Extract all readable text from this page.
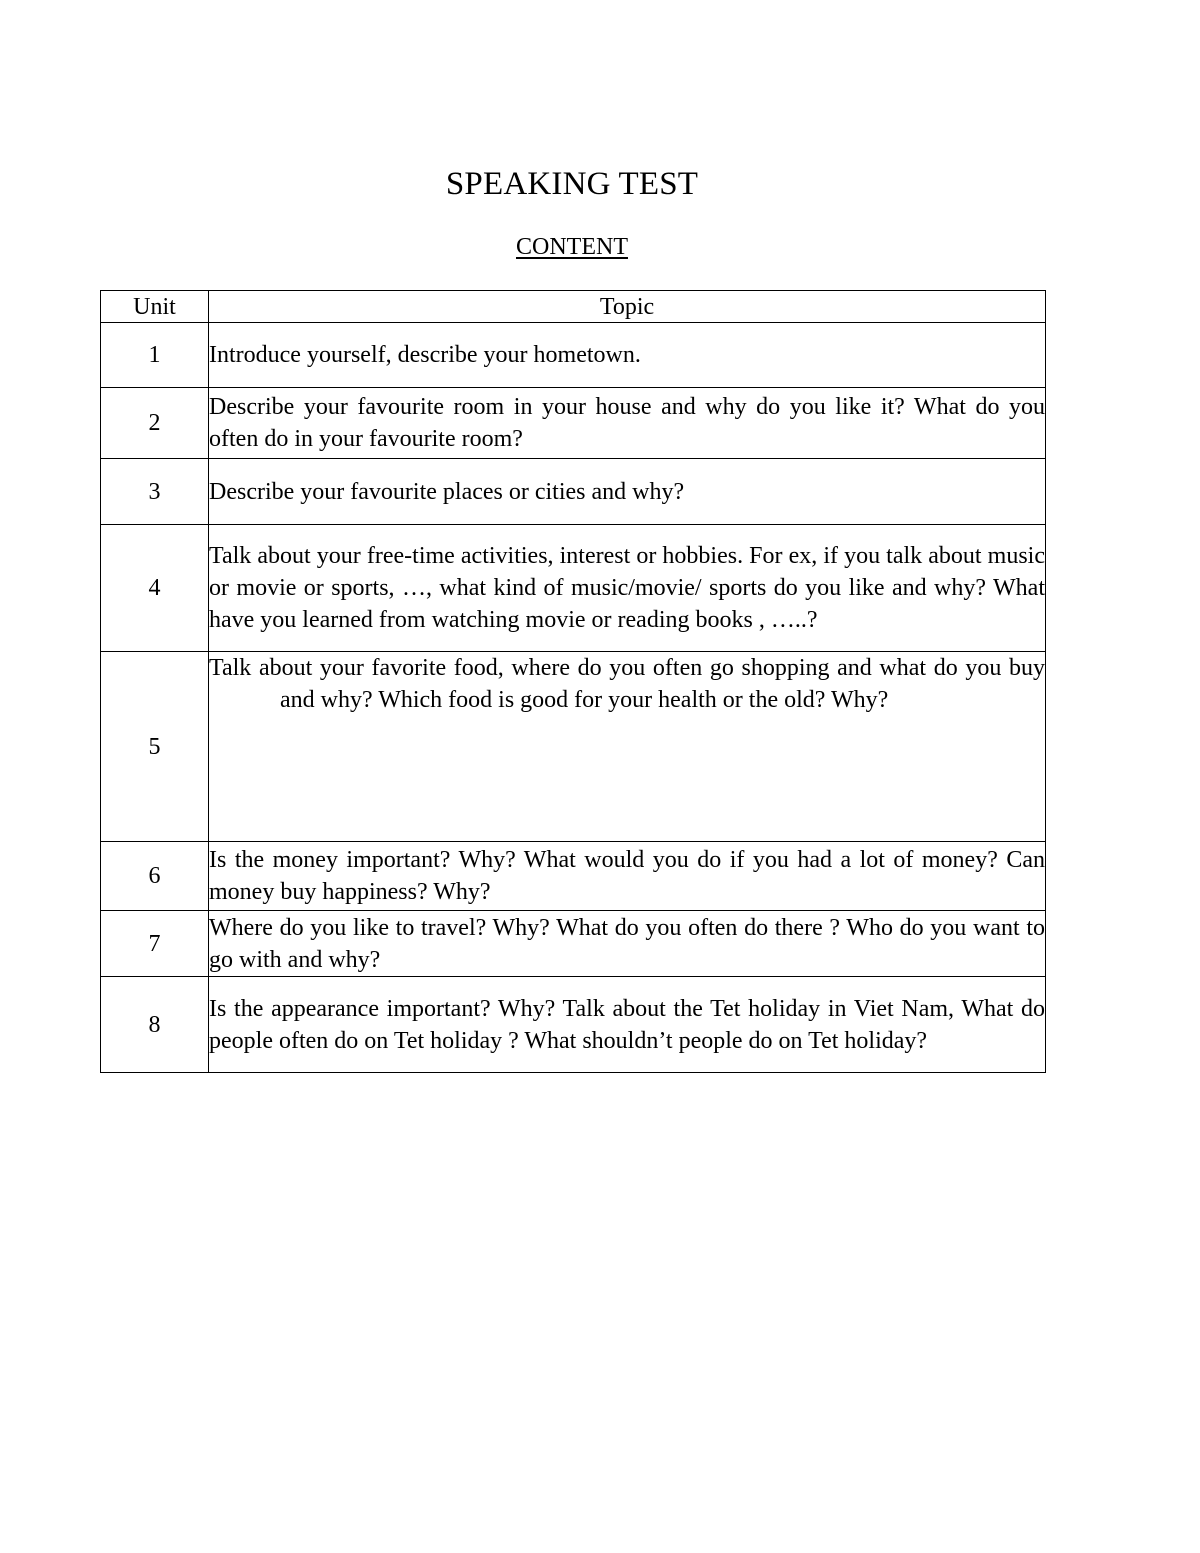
SPEAKING TEST
CONTENT
Unit	Topic
1	Introduce yourself, describe your hometown.
2	Describe your favourite room in your house and why do you like it? What do you often do in your favourite room?
3	Describe your favourite places or cities and why?
4	Talk about your free-time activities, interest or hobbies. For ex, if you talk about music or movie or sports, …, what kind of music/movie/ sports do you like and why? What have you learned from watching movie or reading books , …..?
5	Talk about your favorite food, where do you often go shopping and what do you buy and why? Which food is good for your health or the old? Why?

6	Is the money important? Why? What would you do if you had a lot of money? Can money buy happiness? Why?
7	Where do you like to travel? Why? What do you often do there ? Who do you want to go with and why?
8	Is the appearance important? Why? Talk about the Tet holiday in Viet Nam, What do people often do on Tet holiday ? What shouldn’t people do on Tet holiday?
